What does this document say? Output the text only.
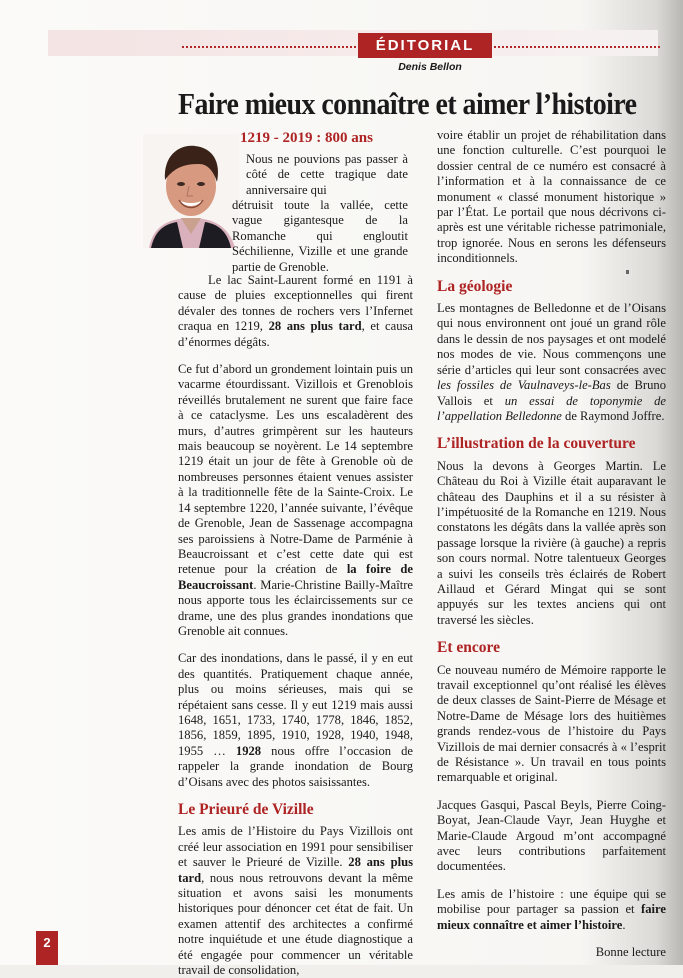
ÉDITORIAL
Denis Bellon
Faire mieux connaître et aimer l’histoire
1219 - 2019 : 800 ans
Nous ne pouvions pas passer à côté de cette tragique date anniversaire qui
détruisit toute la vallée, cette vague gigantesque de la Romanche qui engloutit Séchilienne, Vizille et une grande partie de Grenoble.

Le lac Saint-Laurent formé en 1191 à cause de pluies exceptionnelles qui firent dévaler des tonnes de rochers vers l’Infernet craqua en 1219, 28 ans plus tard, et causa d’énormes dégâts.

Ce fut d’abord un grondement lointain puis un vacarme étourdissant. Vizillois et Grenoblois réveillés brutalement ne surent que faire face à ce cataclysme. Les uns escaladèrent des murs, d’autres grimpèrent sur les hauteurs mais beaucoup se noyèrent. Le 14 septembre 1219 était un jour de fête à Grenoble où de nombreuses personnes étaient venues assister à la traditionnelle fête de la Sainte-Croix. Le 14 septembre 1220, l’année suivante, l’évêque de Grenoble, Jean de Sassenage accompagna ses paroissiens à Notre-Dame de Parménie à Beaucroissant et c’est cette date qui est retenue pour la création de la foire de Beaucroissant. Marie-Christine Bailly-Maître nous apporte tous les éclaircissements sur ce drame, une des plus grandes inondations que Grenoble ait connues.

Car des inondations, dans le passé, il y en eut des quantités. Pratiquement chaque année, plus ou moins sérieuses, mais qui se répétaient sans cesse. Il y eut 1219 mais aussi 1648, 1651, 1733, 1740, 1778, 1846, 1852, 1856, 1859, 1895, 1910, 1928, 1940, 1948, 1955 … 1928 nous offre l’occasion de rappeler la grande inondation de Bourg d’Oisans avec des photos saisissantes.

Le Prieuré de Vizille

Les amis de l’Histoire du Pays Vizillois ont créé leur association en 1991 pour sensibiliser et sauver le Prieuré de Vizille. 28 ans plus tard, nous nous retrouvons devant la même situation et avons saisi les monuments historiques pour dénoncer cet état de fait. Un examen attentif des architectes a confirmé notre inquiétude et une étude diagnostique a été engagée pour commencer un véritable travail de consolidation,

voire établir un projet de réhabilitation dans une fonction culturelle. C’est pourquoi le dossier central de ce numéro est consacré à l’information et à la connaissance de ce monument « classé monument historique » par l’État. Le portail que nous décrivons ci-après est une véritable richesse patrimoniale, trop ignorée. Nous en serons les défenseurs inconditionnels.

La géologie

Les montagnes de Belledonne et de l’Oisans qui nous environnent ont joué un grand rôle dans le dessin de nos paysages et ont modelé nos modes de vie. Nous commençons une série d’articles qui leur sont consacrées avec les fossiles de Vaulnaveys-le-Bas de Bruno Vallois et un essai de toponymie de l’appellation Belledonne de Raymond Joffre.

L’illustration de la couverture

Nous la devons à Georges Martin. Le Château du Roi à Vizille était auparavant le château des Dauphins et il a su résister à l’impétuosité de la Romanche en 1219. Nous constatons les dégâts dans la vallée après son passage lorsque la rivière (à gauche) a repris son cours normal. Notre talentueux Georges a suivi les conseils très éclairés de Robert Aillaud et Gérard Mingat qui se sont appuyés sur les textes anciens qui ont traversé les siècles.

Et encore

Ce nouveau numéro de Mémoire rapporte le travail exceptionnel qu’ont réalisé les élèves de deux classes de Saint-Pierre de Mésage et Notre-Dame de Mésage lors des huitièmes grands rendez-vous de l’histoire du Pays Vizillois de mai dernier consacrés à « l’esprit de Résistance ». Un travail en tous points remarquable et original.

Jacques Gasqui, Pascal Beyls, Pierre Coing-Boyat, Jean-Claude Vayr, Jean Huyghe et Marie-Claude Argoud m’ont accompagné avec leurs contributions parfaitement documentées.

Les amis de l’histoire : une équipe qui se mobilise pour partager sa passion et faire mieux connaître et aimer l’histoire.

Bonne lecture

2
